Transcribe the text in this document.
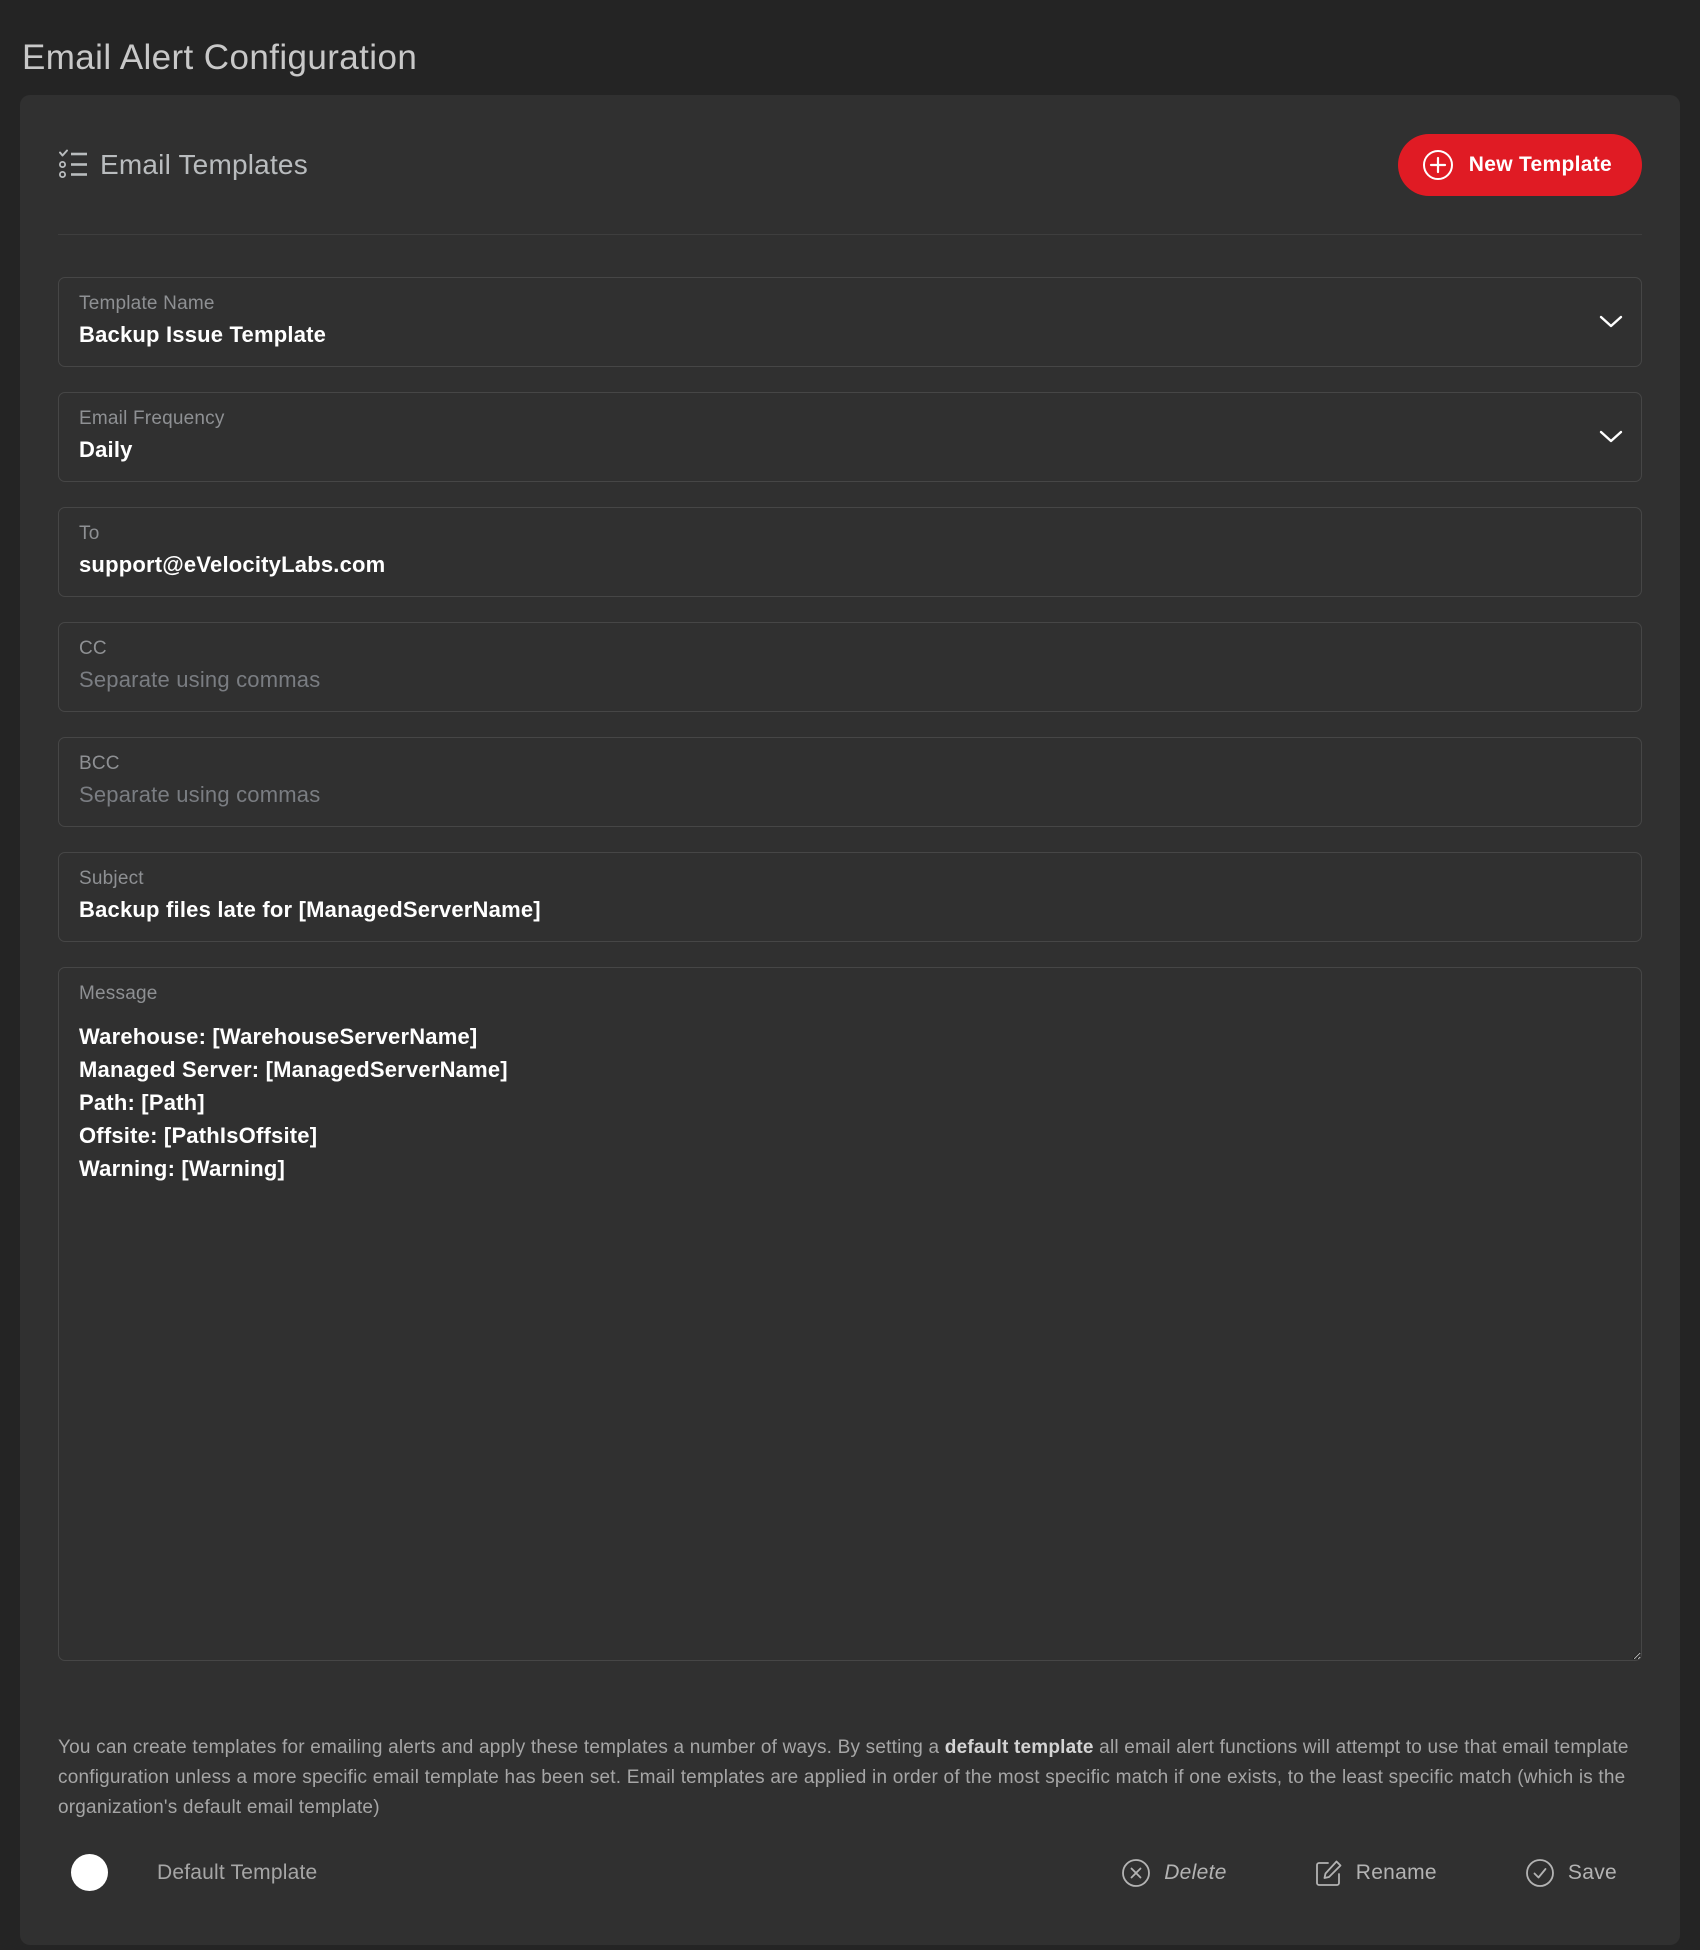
Email Alert Configuration
Email Templates	New Template
Template Name
Backup Issue Template
Email Frequency
Daily
To
support@eVelocityLabs.com
CC
Separate using commas
BCC
Separate using commas
Subject
Backup files late for [ManagedServerName]
Message
Warehouse: [WarehouseServerName] Managed Server: [ManagedServerName] Path: [Path] Offsite: [PathIsOffsite] Warning: [Warning]

You can create templates for emailing alerts and apply these templates a number of ways. By setting a default template all email alert functions will attempt to use that email template configuration unless a more specific email template has been set. Email templates are applied in order of the most specific match if one exists, to the least specific match (which is the organization's default email template)

Default Template	Delete	Rename	Save
